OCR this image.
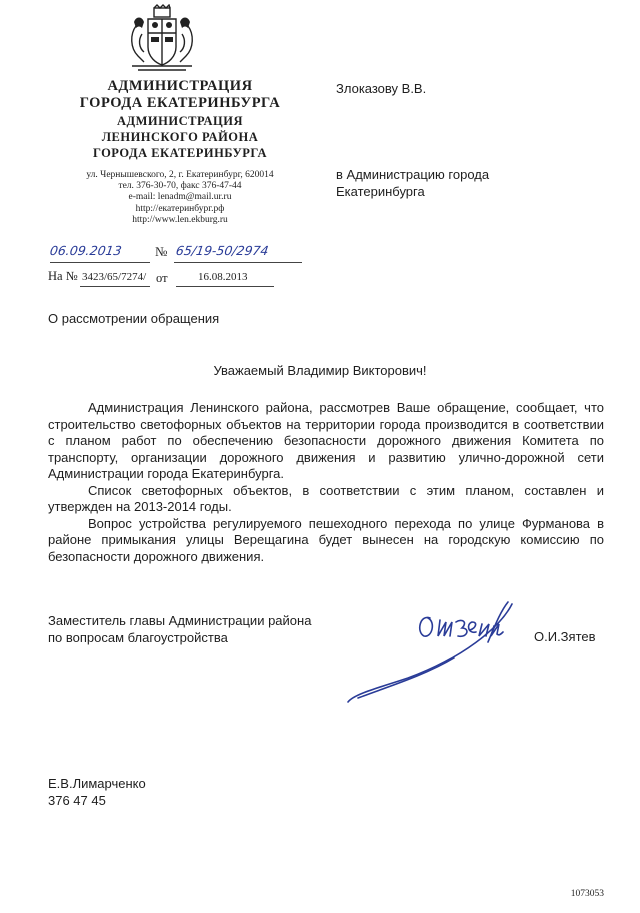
АДМИНИСТРАЦИЯ
ГОРОДА ЕКАТЕРИНБУРГА
АДМИНИСТРАЦИЯ
ЛЕНИНСКОГО РАЙОНА
ГОРОДА ЕКАТЕРИНБУРГА
ул. Чернышевского, 2, г. Екатеринбург, 620014
тел. 376-30-70, факс 376-47-44
e-mail: lenadm@mail.ur.ru
http://екатеринбург.рф
http://www.len.ekburg.ru
Злоказову В.В.
в Администрацию города
Екатеринбурга
06.09.2013 № 65/19-50/2974
На № 3423/65/7274/ от	16.08.2013
О рассмотрении обращения
Уважаемый Владимир Викторович!

Администрация Ленинского района, рассмотрев Ваше обращение, сообщает, что строительство светофорных объектов на территории города производится в соответствии с планом работ по обеспечению безопасности дорожного движения Комитета по транспорту, организации дорожного движения и развитию улично-дорожной сети Администрации города Екатеринбурга.

Список светофорных объектов, в соответствии с этим планом, составлен и утвержден на 2013-2014 годы.

Вопрос устройства регулируемого пешеходного перехода по улице Фурманова в районе примыкания улицы Верещагина будет вынесен на городскую комиссию по безопасности дорожного движения.

Заместитель главы Администрации района
по вопросам благоустройства	О.И.Зятев
Е.В.Лимарченко
376 47 45
1073053
